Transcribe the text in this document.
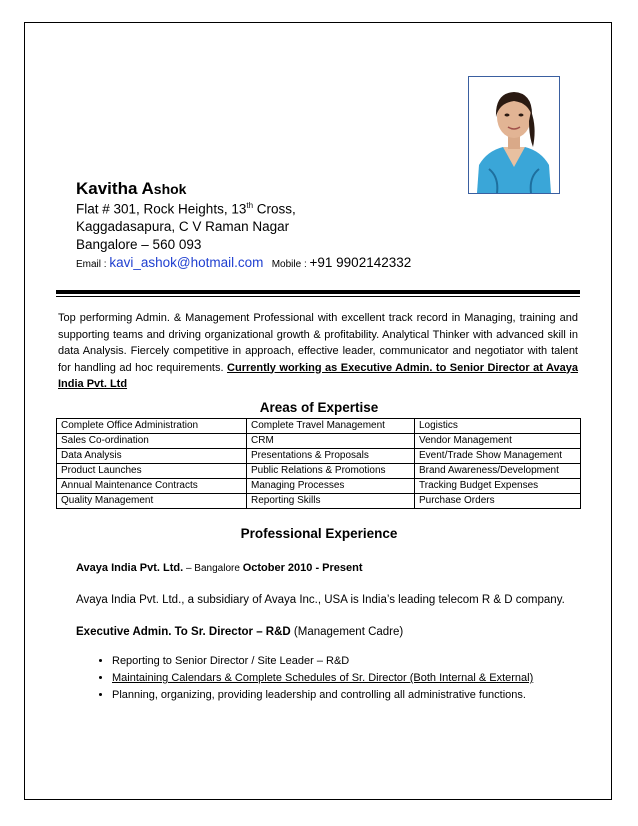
Kavitha Ashok
Flat # 301, Rock Heights, 13th Cross,
Kaggadasapura, C V Raman Nagar
Bangalore – 560 093
Email : kavi_ashok@hotmail.com Mobile : +91 9902142332
Top performing Admin. & Management Professional with excellent track record in Managing, training and supporting teams and driving organizational growth & profitability. Analytical Thinker with advanced skill in data Analysis. Fiercely competitive in approach, effective leader, communicator and negotiator with talent for handling ad hoc requirements. Currently working as Executive Admin. to Senior Director at Avaya India Pvt. Ltd
Areas of Expertise
Complete Office Administration	Complete Travel Management	Logistics
Sales Co-ordination	CRM	Vendor Management
Data Analysis	Presentations & Proposals	Event/Trade Show Management
Product Launches	Public Relations & Promotions	Brand Awareness/Development
Annual Maintenance Contracts	Managing Processes	Tracking Budget Expenses
Quality Management	Reporting Skills	Purchase Orders
Professional Experience
Avaya India Pvt. Ltd. – Bangalore October 2010 - Present
Avaya India Pvt. Ltd., a subsidiary of Avaya Inc., USA is India’s leading telecom R & D company.
Executive Admin. To Sr. Director – R&D (Management Cadre)
• Reporting to Senior Director / Site Leader – R&D
• Maintaining Calendars & Complete Schedules of Sr. Director (Both Internal & External)
• Planning, organizing, providing leadership and controlling all administrative functions.
